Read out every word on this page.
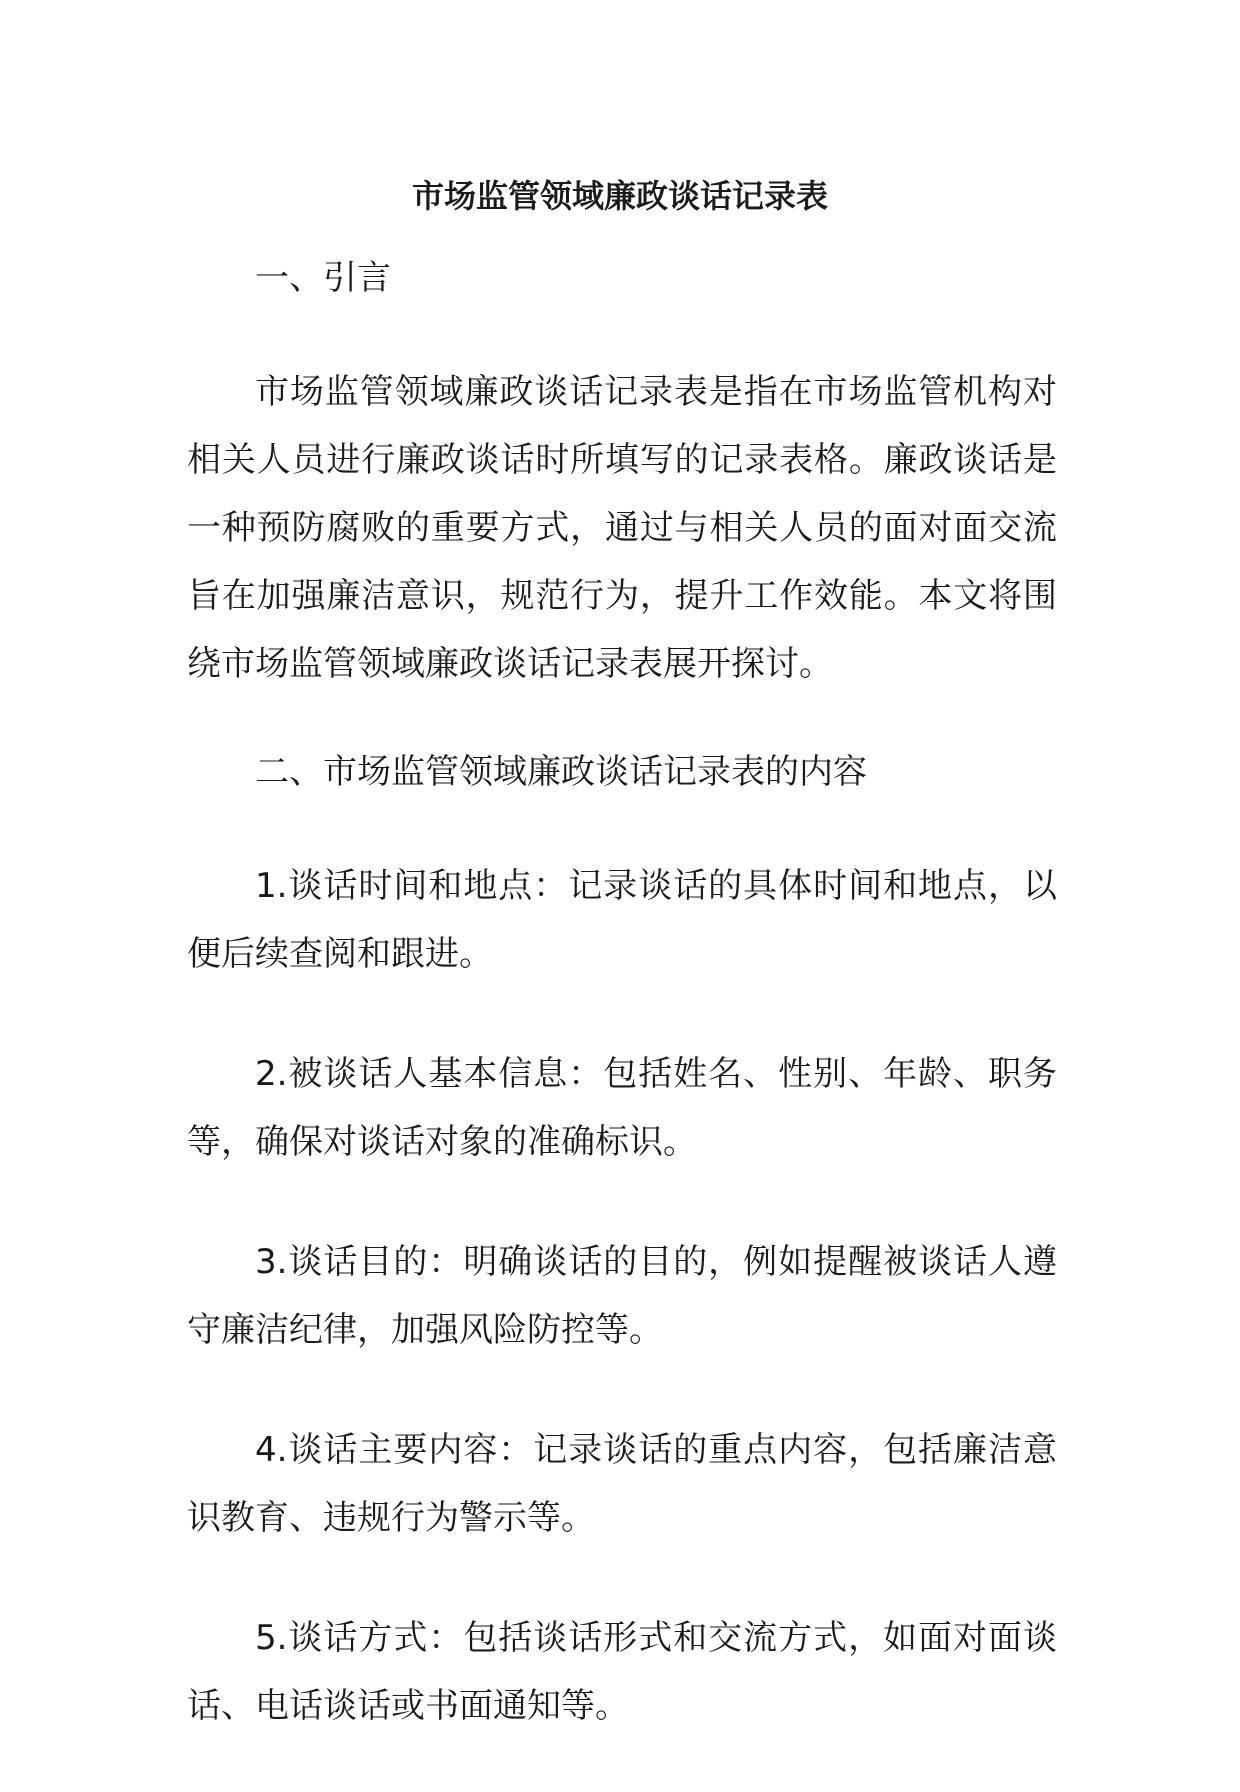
市场监管领域廉政谈话记录表

一、引言

市场监管领域廉政谈话记录表是指在市场监管机构对相关人员进行廉政谈话时所填写的记录表格。廉政谈话是一种预防腐败的重要方式，通过与相关人员的面对面交流旨在加强廉洁意识，规范行为，提升工作效能。本文将围绕市场监管领域廉政谈话记录表展开探讨。

二、市场监管领域廉政谈话记录表的内容

1.谈话时间和地点：记录谈话的具体时间和地点，以便后续查阅和跟进。

2.被谈话人基本信息：包括姓名、性别、年龄、职务等，确保对谈话对象的准确标识。

3.谈话目的：明确谈话的目的，例如提醒被谈话人遵守廉洁纪律，加强风险防控等。

4.谈话主要内容：记录谈话的重点内容，包括廉洁意识教育、违规行为警示等。

5.谈话方式：包括谈话形式和交流方式，如面对面谈话、电话谈话或书面通知等。
